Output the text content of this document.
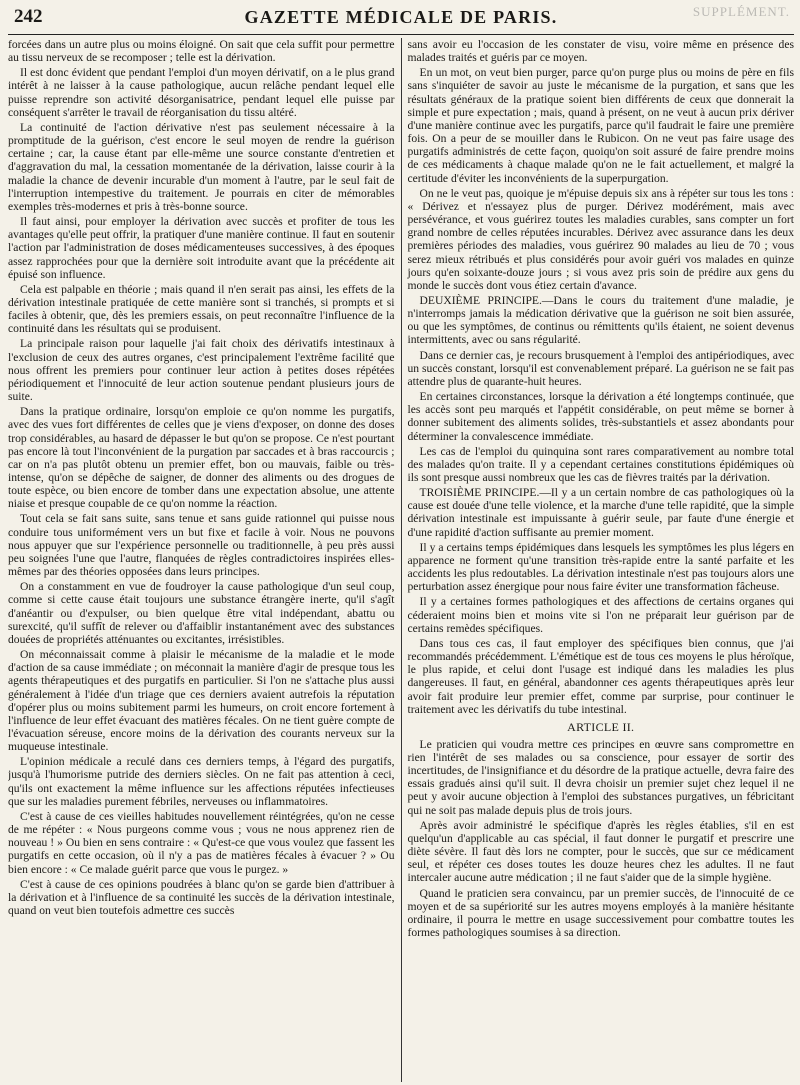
242	GAZETTE MÉDICALE DE PARIS.	SUPPLÉMENT.

forcées dans un autre plus ou moins éloigné. On sait que cela suffit pour permettre au tissu nerveux de se recomposer ; telle est la dérivation.

Il est donc évident que pendant l'emploi d'un moyen dérivatif, on a le plus grand intérêt à ne laisser à la cause pathologique, aucun relâche pendant lequel elle puisse reprendre son activité désorganisatrice, pendant lequel elle puisse par conséquent s'arrêter le travail de réorganisation du tissu altéré.

La continuité de l'action dérivative n'est pas seulement nécessaire à la promptitude de la guérison, c'est encore le seul moyen de rendre la guérison certaine ; car, la cause étant par elle-même une source constante d'entretien et d'aggravation du mal, la cessation momentanée de la dérivation, laisse courir à la maladie la chance de devenir incurable d'un moment à l'autre, par le seul fait de l'interruption intempestive du traitement. Je pourrais en citer de mémorables exemples très-modernes et pris à très-bonne source.

Il faut ainsi, pour employer la dérivation avec succès et profiter de tous les avantages qu'elle peut offrir, la pratiquer d'une manière continue. Il faut en soutenir l'action par l'administration de doses médicamenteuses successives, à des époques assez rapprochées pour que la dernière soit introduite avant que la précédente ait épuisé son influence.

Cela est palpable en théorie ; mais quand il n'en serait pas ainsi, les effets de la dérivation intestinale pratiquée de cette manière sont si tranchés, si prompts et si faciles à obtenir, que, dès les premiers essais, on peut reconnaître l'influence de la continuité dans les résultats qui se produisent.

La principale raison pour laquelle j'ai fait choix des dérivatifs intestinaux à l'exclusion de ceux des autres organes, c'est principalement l'extrême facilité que nous offrent les premiers pour continuer leur action à petites doses répétées périodiquement et l'innocuité de leur action soutenue pendant plusieurs jours de suite.

Dans la pratique ordinaire, lorsqu'on emploie ce qu'on nomme les purgatifs, avec des vues fort différentes de celles que je viens d'exposer, on donne des doses trop considérables, au hasard de dépasser le but qu'on se propose. Ce n'est pourtant pas encore là tout l'inconvénient de la purgation par saccades et à bras raccourcis ; car on n'a pas plutôt obtenu un premier effet, bon ou mauvais, faible ou très-intense, qu'on se dépêche de saigner, de donner des aliments ou des drogues de toute espèce, ou bien encore de tomber dans une expectation absolue, une attente niaise et presque coupable de ce qu'on nomme la réaction.

Tout cela se fait sans suite, sans tenue et sans guide rationnel qui puisse nous conduire tous uniformément vers un but fixe et facile à voir. Nous ne pouvons nous appuyer que sur l'expérience personnelle ou traditionnelle, à peu près aussi peu soignées l'une que l'autre, flanquées de règles contradictoires inspirées elles-mêmes par des théories opposées dans leurs principes.

On a constamment en vue de foudroyer la cause pathologique d'un seul coup, comme si cette cause était toujours une substance étrangère inerte, qu'il s'agît d'anéantir ou d'expulser, ou bien quelque être vital indépendant, abattu ou surexcité, qu'il suffît de relever ou d'affaiblir instantanément avec des substances douées de propriétés atténuantes ou excitantes, irrésistibles.

On méconnaissait comme à plaisir le mécanisme de la maladie et le mode d'action de sa cause immédiate ; on méconnait la manière d'agir de presque tous les agents thérapeutiques et des purgatifs en particulier. Si l'on ne s'attache plus aussi généralement à l'idée d'un triage que ces derniers avaient autrefois la réputation d'opérer plus ou moins subitement parmi les humeurs, on croit encore fortement à l'influence de leur effet évacuant des matières fécales. On ne tient guère compte de l'évacuation séreuse, encore moins de la dérivation des courants nerveux sur la muqueuse intestinale.

L'opinion médicale a reculé dans ces derniers temps, à l'égard des purgatifs, jusqu'à l'humorisme putride des derniers siècles. On ne fait pas attention à ceci, qu'ils ont exactement la même influence sur les affections réputées infectieuses que sur les maladies purement fébriles, nerveuses ou inflammatoires.

C'est à cause de ces vieilles habitudes nouvellement réintégrées, qu'on ne cesse de me répéter : « Nous purgeons comme vous ; vous ne nous apprenez rien de nouveau ! » Ou bien en sens contraire : « Qu'est-ce que vous voulez que fassent les purgatifs en cette occasion, où il n'y a pas de matières fécales à évacuer ? » Ou bien encore : « Ce malade guérit parce que vous le purgez. »

C'est à cause de ces opinions poudrées à blanc qu'on se garde bien d'attribuer à la dérivation et à l'influence de sa continuité les succès de la dérivation intestinale, quand on veut bien toutefois admettre ces succès

sans avoir eu l'occasion de les constater de visu, voire même en présence des malades traités et guéris par ce moyen.

En un mot, on veut bien purger, parce qu'on purge plus ou moins de père en fils sans s'inquiéter de savoir au juste le mécanisme de la purgation, et sans que les résultats généraux de la pratique soient bien différents de ceux que donnerait la simple et pure expectation ; mais, quand à présent, on ne veut à aucun prix dériver d'une manière continue avec les purgatifs, parce qu'il faudrait le faire une première fois. On a peur de se mouiller dans le Rubicon. On ne veut pas faire usage des purgatifs administrés de cette façon, quoiqu'on soit assuré de faire prendre moins de ces médicaments à chaque malade qu'on ne le fait actuellement, et malgré la certitude d'éviter les inconvénients de la superpurgation.

On ne le veut pas, quoique je m'épuise depuis six ans à répéter sur tous les tons : « Dérivez et n'essayez plus de purger. Dérivez modérément, mais avec persévérance, et vous guérirez toutes les maladies curables, sans compter un fort grand nombre de celles réputées incurables. Dérivez avec assurance dans les deux premières périodes des maladies, vous guérirez 90 malades au lieu de 70 ; vous serez mieux rétribués et plus considérés pour avoir guéri vos malades en quinze jours qu'en soixante-douze jours ; si vous avez pris soin de prédire aux gens du monde le succès dont vous étiez certain d'avance.

DEUXIÈME PRINCIPE.—Dans le cours du traitement d'une maladie, je n'interromps jamais la médication dérivative que la guérison ne soit bien assurée, ou que les symptômes, de continus ou rémittents qu'ils étaient, ne soient devenus intermittents, avec ou sans régularité.

Dans ce dernier cas, je recours brusquement à l'emploi des antipériodiques, avec un succès constant, lorsqu'il est convenablement préparé. La guérison ne se fait pas attendre plus de quarante-huit heures.

En certaines circonstances, lorsque la dérivation a été longtemps continuée, que les accès sont peu marqués et l'appétit considérable, on peut même se borner à donner subitement des aliments solides, très-substantiels et assez abondants pour déterminer la convalescence immédiate.

Les cas de l'emploi du quinquina sont rares comparativement au nombre total des malades qu'on traite. Il y a cependant certaines constitutions épidémiques où ils sont presque aussi nombreux que les cas de fièvres traités par la dérivation.

TROISIÈME PRINCIPE.—Il y a un certain nombre de cas pathologiques où la cause est douée d'une telle violence, et la marche d'une telle rapidité, que la simple dérivation intestinale est impuissante à guérir seule, par faute d'une énergie et d'une rapidité d'action suffisante au premier moment.

Il y a certains temps épidémiques dans lesquels les symptômes les plus légers en apparence ne forment qu'une transition très-rapide entre la santé parfaite et les accidents les plus redoutables. La dérivation intestinale n'est pas toujours alors une perturbation assez énergique pour nous faire éviter une transformation fâcheuse.

Il y a certaines formes pathologiques et des affections de certains organes qui céderaient moins bien et moins vite si l'on ne préparait leur guérison par de certains remèdes spécifiques.

Dans tous ces cas, il faut employer des spécifiques bien connus, que j'ai recommandés précédemment. L'émétique est de tous ces moyens le plus héroïque, le plus rapide, et celui dont l'usage est indiqué dans les maladies les plus dangereuses. Il faut, en général, abandonner ces agents thérapeutiques après leur avoir fait produire leur premier effet, comme par surprise, pour continuer le traitement avec les dérivatifs du tube intestinal.

ARTICLE II.

Le praticien qui voudra mettre ces principes en œuvre sans compromettre en rien l'intérêt de ses malades ou sa conscience, pour essayer de sortir des incertitudes, de l'insignifiance et du désordre de la pratique actuelle, devra faire des essais gradués ainsi qu'il suit. Il devra choisir un premier sujet chez lequel il ne peut y avoir aucune objection à l'emploi des substances purgatives, un fébricitant qui ne soit pas malade depuis plus de trois jours.

Après avoir administré le spécifique d'après les règles établies, s'il en est quelqu'un d'applicable au cas spécial, il faut donner le purgatif et prescrire une diète sévère. Il faut dès lors ne compter, pour le succès, que sur ce médicament seul, et répéter ces doses toutes les douze heures chez les adultes. Il ne faut intercaler aucune autre médication ; il ne faut s'aider que de la simple hygiène.

Quand le praticien sera convaincu, par un premier succès, de l'innocuité de ce moyen et de sa supériorité sur les autres moyens employés à la manière hésitante ordinaire, il pourra le mettre en usage successivement pour combattre toutes les formes pathologiques soumises à sa direction.
